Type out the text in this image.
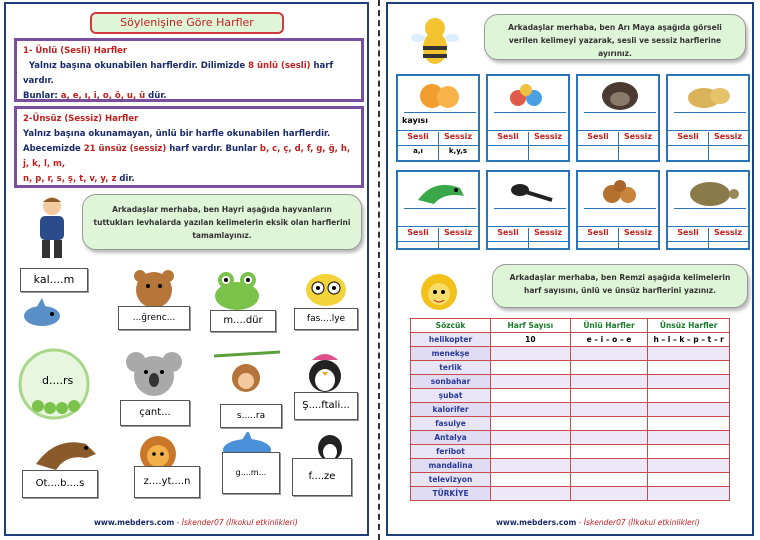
Söylenişine Göre Harfler
1- Ünlü (Sesli) Harfler
Yalnız başına okunabilen harflerdir. Dilimizde 8 ünlü (sesli) harf vardır.
Bunlar: a, e, ı, i, o, ö, u, ü dür.
2-Ünsüz (Sessiz) Harfler
Yalnız başına okunamayan, ünlü bir harfle okunabilen harflerdir.
Abecemizde 21 ünsüz (sessiz) harf vardır. Bunlar b, c, ç, d, f, g, ğ, h, j, k, l, m,
n, p, r, s, ş, t, v, y, z dir.
Arkadaşlar merhaba, ben Hayri aşağıda hayvanların tuttukları levhalarda yazılan kelimelerin eksik olan harflerini tamamlayınız.
kal....m
...ğrenc...	m....dür	fas....lye
d....rs
çant...	s.....ra
Ş....ftali...
Ot....b....s	z....yt....n
g....m...	f....ze
www.mebders.com - İskender07 (İlkokul etkinlikleri)
Arkadaşlar merhaba, ben Arı Maya aşağıda görseli verilen kelimeyi yazarak, sesli ve sessiz harflerine ayırınız.
kayısı
Sesli	Sessiz
a,ı	k,y,s
Sesli	Sessiz	Sesli	Sessiz	Sesli	Sessiz
Sesli	Sessiz	Sesli	Sessiz	Sesli	Sessiz	Sesli	Sessiz
Arkadaşlar merhaba, ben Remzi aşağıda kelimelerin harf sayısını, ünlü ve ünsüz harflerini yazınız.
Sözcük	Harf Sayısı	Ünlü Harfler	Ünsüz Harfler
helikopter	10	e – i – o – e	h – l – k – p – t – r
menekşe			
terlik			
sonbahar			
şubat			
kalorifer			
fasulye			
Antalya			
feribot			
mandalina			
televizyon			
TÜRKİYE			
www.mebders.com - İskender07 (İlkokul etkinlikleri)
